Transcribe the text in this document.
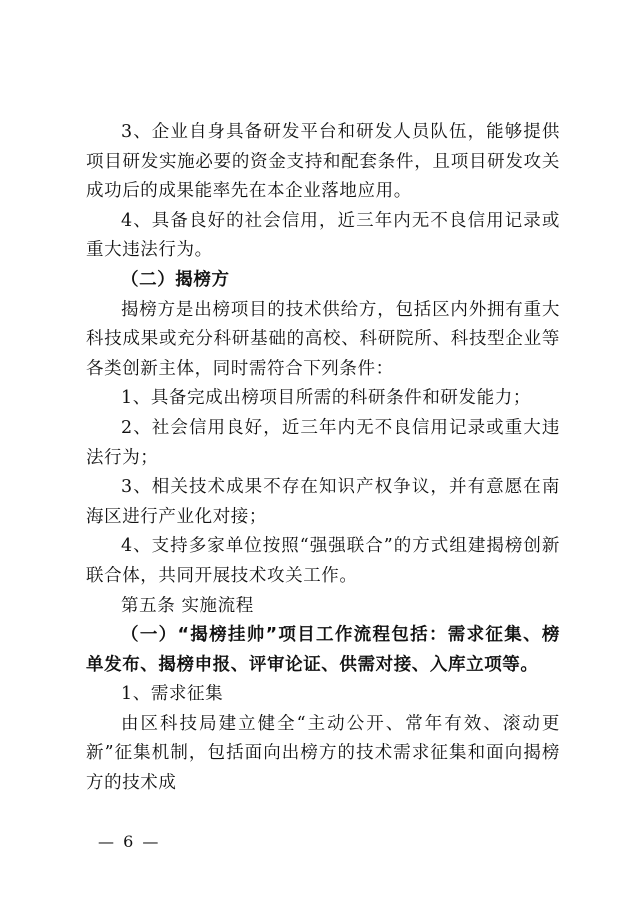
3、企业自身具备研发平台和研发人员队伍，能够提供项目研发实施必要的资金支持和配套条件，且项目研发攻关成功后的成果能率先在本企业落地应用。

4、具备良好的社会信用，近三年内无不良信用记录或重大违法行为。

（二）揭榜方

揭榜方是出榜项目的技术供给方，包括区内外拥有重大科技成果或充分科研基础的高校、科研院所、科技型企业等各类创新主体，同时需符合下列条件：

1、具备完成出榜项目所需的科研条件和研发能力；

2、社会信用良好，近三年内无不良信用记录或重大违法行为；

3、相关技术成果不存在知识产权争议，并有意愿在南海区进行产业化对接；

4、支持多家单位按照“强强联合”的方式组建揭榜创新联合体，共同开展技术攻关工作。

第五条 实施流程

（一）“揭榜挂帅”项目工作流程包括：需求征集、榜单发布、揭榜申报、评审论证、供需对接、入库立项等。

1、需求征集

由区科技局建立健全“主动公开、常年有效、滚动更新”征集机制，包括面向出榜方的技术需求征集和面向揭榜方的技术成

— 6 —
